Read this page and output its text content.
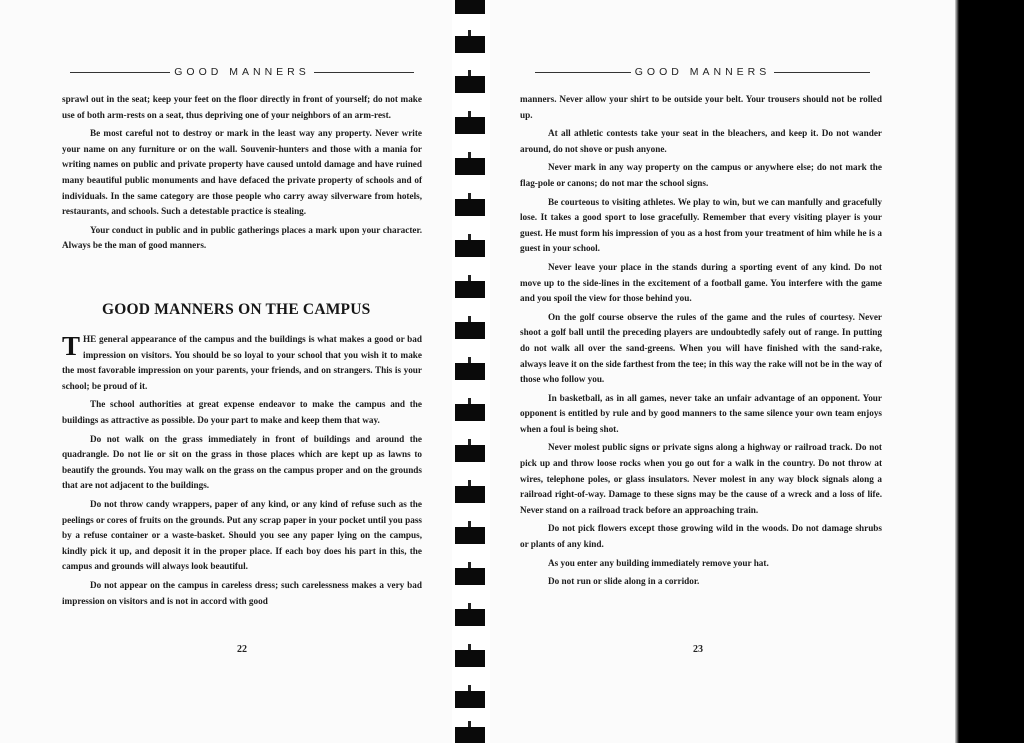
GOOD MANNERS

sprawl out in the seat; keep your feet on the floor directly in front of yourself; do not make use of both arm-rests on a seat, thus depriving one of your neighbors of an arm-rest.

Be most careful not to destroy or mark in the least way any property. Never write your name on any furniture or on the wall. Souvenir-hunters and those with a mania for writing names on public and private property have caused untold damage and have ruined many beautiful public monuments and have defaced the private property of schools and of individuals. In the same category are those people who carry away silverware from hotels, restaurants, and schools. Such a detestable practice is stealing.

Your conduct in public and in public gatherings places a mark upon your character. Always be the man of good manners.

GOOD MANNERS ON THE CAMPUS

THE general appearance of the campus and the buildings is what makes a good or bad impression on visitors. You should be so loyal to your school that you wish it to make the most favorable impression on your parents, your friends, and on strangers. This is your school; be proud of it.

The school authorities at great expense endeavor to make the campus and the buildings as attractive as possible. Do your part to make and keep them that way.

Do not walk on the grass immediately in front of buildings and around the quadrangle. Do not lie or sit on the grass in those places which are kept up as lawns to beautify the grounds. You may walk on the grass on the campus proper and on the grounds that are not adjacent to the buildings.

Do not throw candy wrappers, paper of any kind, or any kind of refuse such as the peelings or cores of fruits on the grounds. Put any scrap paper in your pocket until you pass by a refuse container or a waste-basket. Should you see any paper lying on the campus, kindly pick it up, and deposit it in the proper place. If each boy does his part in this, the campus and grounds will always look beautiful.

Do not appear on the campus in careless dress; such carelessness makes a very bad impression on visitors and is not in accord with good

22
GOOD MANNERS

manners. Never allow your shirt to be outside your belt. Your trousers should not be rolled up.

At all athletic contests take your seat in the bleachers, and keep it. Do not wander around, do not shove or push anyone.

Never mark in any way property on the campus or anywhere else; do not mark the flag-pole or canons; do not mar the school signs.

Be courteous to visiting athletes. We play to win, but we can manfully and gracefully lose. It takes a good sport to lose gracefully. Remember that every visiting player is your guest. He must form his impression of you as a host from your treatment of him while he is a guest in your school.

Never leave your place in the stands during a sporting event of any kind. Do not move up to the side-lines in the excitement of a football game. You interfere with the game and you spoil the view for those behind you.

On the golf course observe the rules of the game and the rules of courtesy. Never shoot a golf ball until the preceding players are undoubtedly safely out of range. In putting do not walk all over the sand-greens. When you will have finished with the sand-rake, always leave it on the side farthest from the tee; in this way the rake will not be in the way of those who follow you.

In basketball, as in all games, never take an unfair advantage of an opponent. Your opponent is entitled by rule and by good manners to the same silence your own team enjoys when a foul is being shot.

Never molest public signs or private signs along a highway or railroad track. Do not pick up and throw loose rocks when you go out for a walk in the country. Do not throw at wires, telephone poles, or glass insulators. Never molest in any way block signals along a railroad right-of-way. Damage to these signs may be the cause of a wreck and a loss of life. Never stand on a railroad track before an approaching train.

Do not pick flowers except those growing wild in the woods. Do not damage shrubs or plants of any kind.

As you enter any building immediately remove your hat.

Do not run or slide along in a corridor.

23
